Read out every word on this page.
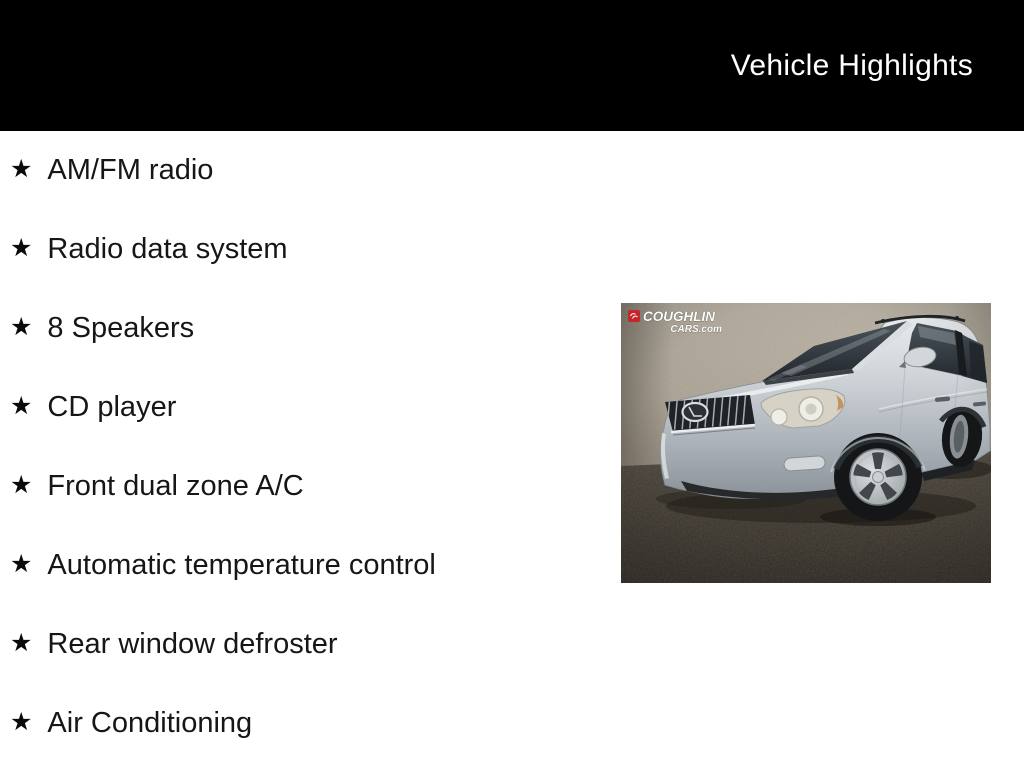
Vehicle Highlights
★ AM/FM radio
★ Radio data system
★ 8 Speakers
★ CD player
★ Front dual zone A/C
★ Automatic temperature control
★ Rear window defroster
★ Air Conditioning
COUGHLIN
CARS.com
